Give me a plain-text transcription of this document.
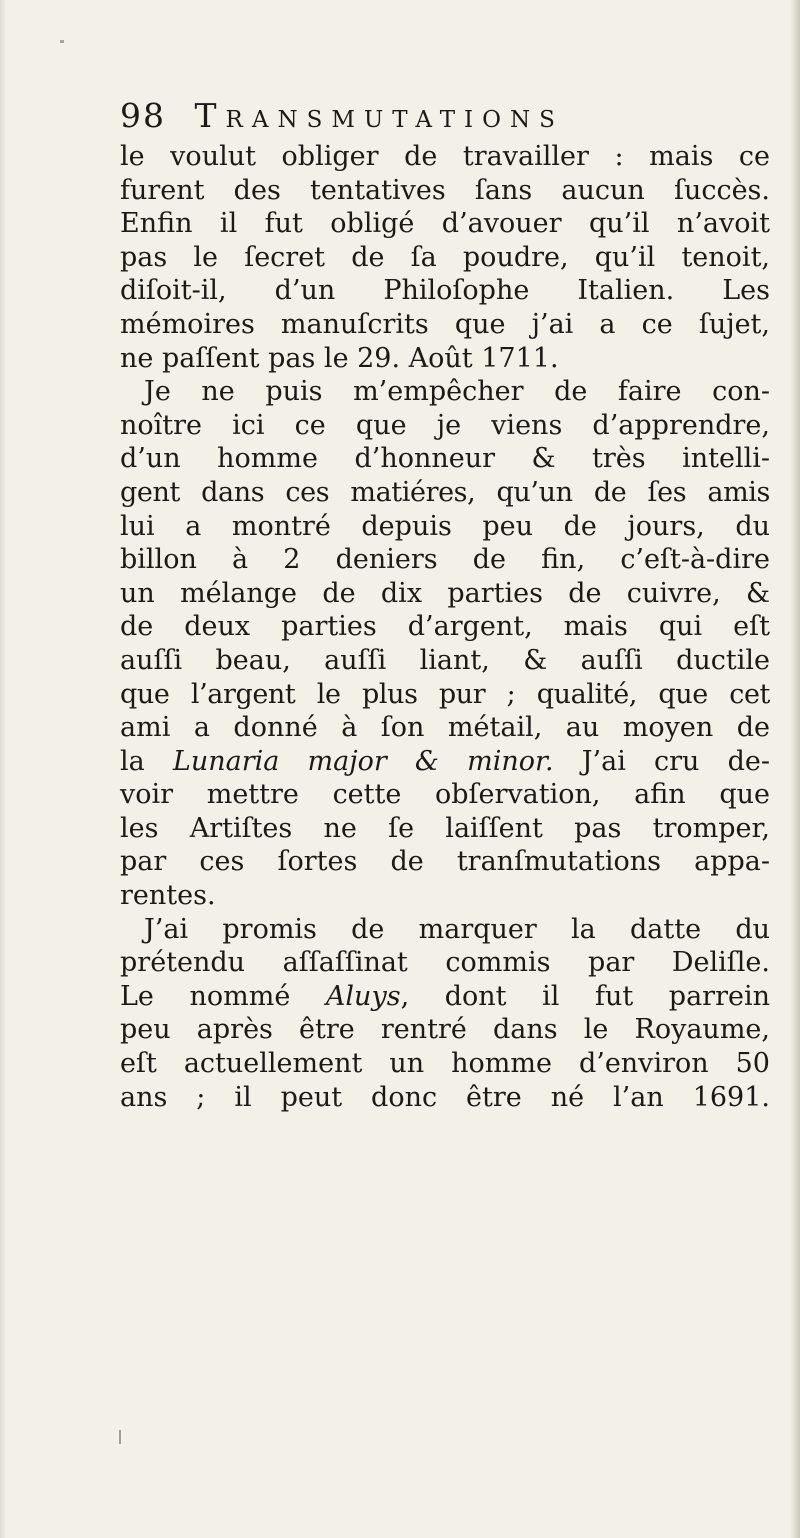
98 Transmutations
le voulut obliger de travailler : mais ce
furent des tentatives ſans aucun ſuccès.
Enfin il fut obligé d’avouer qu’il n’avoit
pas le ſecret de ſa poudre, qu’il tenoit,
diſoit-il, d’un Philoſophe Italien. Les
mémoires manuſcrits que j’ai a ce ſujet,
ne paſſent pas le 29. Août 1711.
Je ne puis m’empêcher de faire con-
noître ici ce que je viens d’apprendre,
d’un homme d’honneur & très intelli-
gent dans ces matiéres, qu’un de ſes amis
lui a montré depuis peu de jours, du
billon à 2 deniers de fin, c’eſt-à-dire
un mélange de dix parties de cuivre, &
de deux parties d’argent, mais qui eſt
auſſi beau, auſſi liant, & auſſi ductile
que l’argent le plus pur ; qualité, que cet
ami a donné à ſon métail, au moyen de
la Lunaria major & minor. J’ai cru de-
voir mettre cette obſervation, afin que
les Artiſtes ne ſe laiſſent pas tromper,
par ces ſortes de tranſmutations appa-
rentes.
J’ai promis de marquer la datte du
prétendu aſſaſſinat commis par Deliſle.
Le nommé Aluys, dont il fut parrein
peu après être rentré dans le Royaume,
eſt actuellement un homme d’environ 50
ans ; il peut donc être né l’an 1691.
